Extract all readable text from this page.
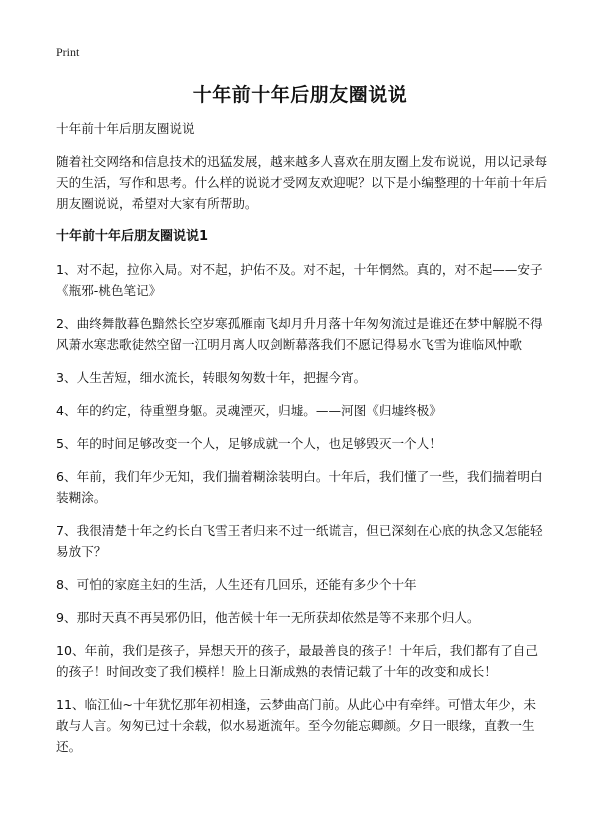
Print
十年前十年后朋友圈说说

十年前十年后朋友圈说说

随着社交网络和信息技术的迅猛发展，越来越多人喜欢在朋友圈上发布说说，用以记录每天的生活，写作和思考。什么样的说说才受网友欢迎呢？以下是小编整理的十年前十年后朋友圈说说，希望对大家有所帮助。

十年前十年后朋友圈说说1

1、对不起，拉你入局。对不起，护佑不及。对不起，十年惘然。真的，对不起——安子《瓶邪-桃色笔记》

2、曲终舞散暮色黯然长空岁寒孤雁南飞却月升月落十年匆匆流过是谁还在梦中解脱不得风萧水寒悲歌徒然空留一江明月离人叹剑断幕落我们不愿记得易水飞雪为谁临风忡歌

3、人生苦短，细水流长，转眼匆匆数十年，把握今宵。

4、年的约定，待重塑身躯。灵魂湮灭，归墟。——河图《归墟终极》

5、年的时间足够改变一个人，足够成就一个人，也足够毁灭一个人！

6、年前，我们年少无知，我们揣着糊涂装明白。十年后，我们懂了一些，我们揣着明白装糊涂。

7、我很清楚十年之约长白飞雪王者归来不过一纸谎言，但已深刻在心底的执念又怎能轻易放下？

8、可怕的家庭主妇的生活，人生还有几回乐，还能有多少个十年

9、那时天真不再吴邪仍旧，他苦候十年一无所获却依然是等不来那个归人。

10、年前，我们是孩子，异想天开的孩子，最最善良的孩子！十年后，我们都有了自己的孩子！时间改变了我们模样！脸上日渐成熟的表情记载了十年的改变和成长！

11、临江仙~十年犹忆那年初相逢，云梦曲高门前。从此心中有牵绊。可惜太年少，未敢与人言。匆匆已过十余载，似水易逝流年。至今勿能忘卿颜。夕日一眼缘，直教一生还。
